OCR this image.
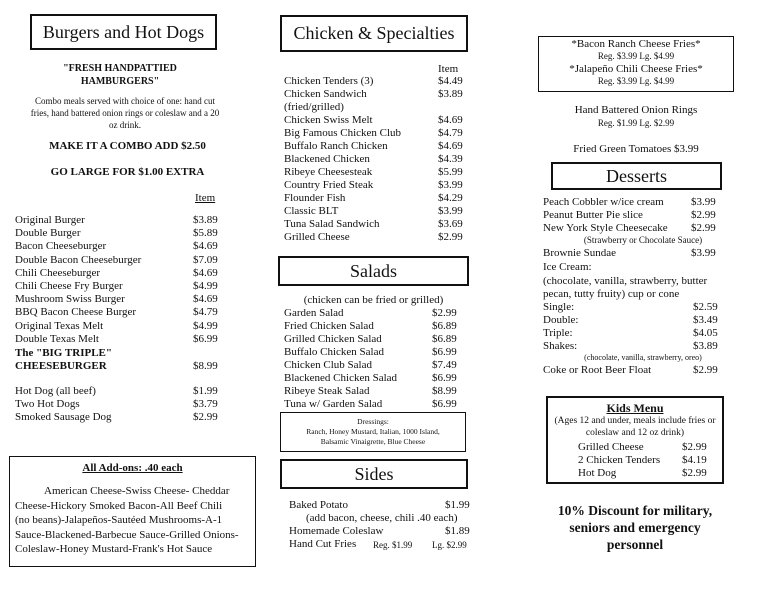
Burgers and Hot Dogs
"FRESH HANDPATTIED HAMBURGERS"
Combo meals served with choice of one: hand cut fries, hand battered onion rings or coleslaw and a 20 oz drink.
MAKE IT A COMBO ADD $2.50
GO LARGE FOR $1.00 EXTRA
Item
Original Burger	$3.89
Double Burger	$5.89
Bacon Cheeseburger	$4.69
Double Bacon Cheeseburger	$7.09
Chili Cheeseburger	$4.69
Chili Cheese Fry Burger	$4.99
Mushroom Swiss Burger	$4.69
BBQ Bacon Cheese Burger	$4.79
Original Texas Melt	$4.99
Double Texas Melt	$6.99
The "BIG TRIPLE"
CHEESEBURGER	$8.99
Hot Dog (all beef)	$1.99
Two Hot Dogs	$3.79
Smoked Sausage Dog	$2.99
All Add-ons: .40 each
American Cheese-Swiss Cheese- Cheddar
Cheese-Hickory Smoked Bacon-All Beef Chili
(no beans)-Jalapeños-Sautéed Mushrooms-A-1
Sauce-Blackened-Barbecue Sauce-Grilled Onions-
Coleslaw-Honey Mustard-Frank's Hot Sauce
Chicken & Specialties
Item
Chicken Tenders (3)	$4.49
Chicken Sandwich	$3.89
(fried/grilled)
Chicken Swiss Melt	$4.69
Big Famous Chicken Club	$4.79
Buffalo Ranch Chicken	$4.69
Blackened Chicken	$4.39
Ribeye Cheesesteak	$5.99
Country Fried Steak	$3.99
Flounder Fish	$4.29
Classic BLT	$3.99
Tuna Salad Sandwich	$3.69
Grilled Cheese	$2.99
Salads
(chicken can be fried or grilled)
Garden Salad	$2.99
Fried Chicken Salad	$6.89
Grilled Chicken Salad	$6.89
Buffalo Chicken Salad	$6.99
Chicken Club Salad	$7.49
Blackened Chicken Salad	$6.99
Ribeye Steak Salad	$8.99
Tuna w/ Garden Salad	$6.99
Dressings:
Ranch, Honey Mustard, Italian, 1000 Island,
Balsamic Vinaigrette, Blue Cheese
Sides
Baked Potato	$1.99
(add bacon, cheese, chili .40 each)
Homemade Coleslaw	$1.89
Hand Cut Fries Reg. $1.99 Lg. $2.99
*Bacon Ranch Cheese Fries*
Reg. $3.99 Lg. $4.99
*Jalapeño Chili Cheese Fries*
Reg. $3.99 Lg. $4.99
Hand Battered Onion Rings
Reg. $1.99 Lg. $2.99
Fried Green Tomatoes $3.99
Desserts
Peach Cobbler w/ice cream $3.99
Peanut Butter Pie slice	$2.99
New York Style Cheesecake $2.99
(Strawberry or Chocolate Sauce)
Brownie Sundae	$3.99
Ice Cream:
(chocolate, vanilla, strawberry, butter
pecan, tutty fruity) cup or cone
Single:	$2.59
Double:	$3.49
Triple:	$4.05
Shakes:	$3.89
(chocolate, vanilla, strawberry, oreo)
Coke or Root Beer Float	$2.99
Kids Menu
(Ages 12 and under, meals include fries or
coleslaw and 12 oz drink)
Grilled Cheese	$2.99
2 Chicken Tenders $4.19
Hot Dog	$2.99
10% Discount for military,
seniors and emergency
personnel
